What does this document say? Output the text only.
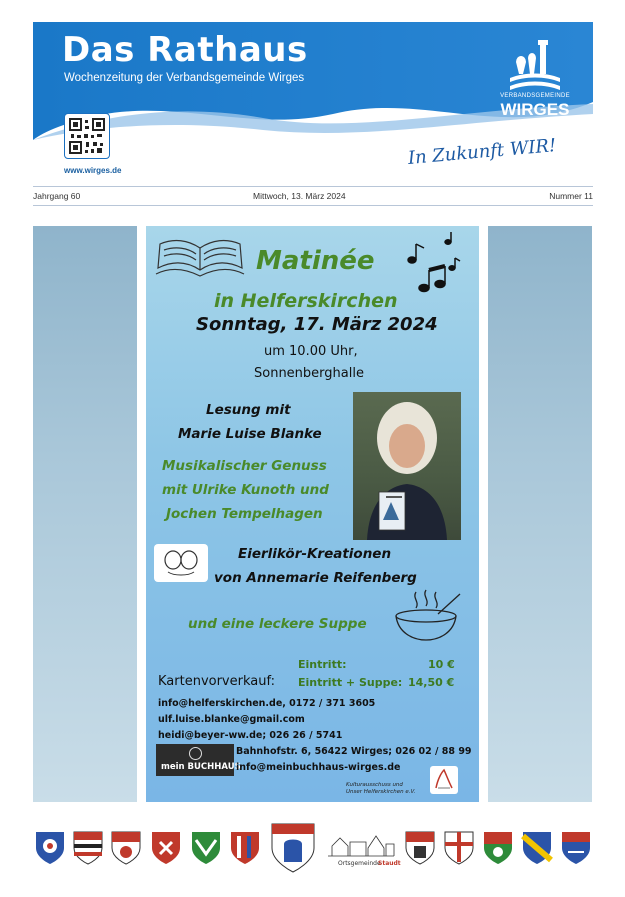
Das Rathaus
Wochenzeitung der Verbandsgemeinde Wirges
www.wirges.de
VERBANDSGEMEINDE
WIRGES
In Zukunft WIR!
Jahrgang 60	Mittwoch, 13. März 2024	Nummer 11
Matinée
in Helferskirchen
Sonntag, 17. März 2024
um 10.00 Uhr,
Sonnenberghalle
Lesung mit
Marie Luise Blanke
Musikalischer Genuss
mit Ulrike Kunoth und
Jochen Tempelhagen
Eierlikör-Kreationen
von Annemarie Reifenberg
und eine leckere Suppe
Eintritt:	10 €
Kartenvorverkauf: Eintritt + Suppe: 14,50 €
info@helferskirchen.de, 0172 / 371 3605
ulf.luise.blanke@gmail.com
heidi@beyer-ww.de; 026 26 / 5741
mein BUCHHAUS
Bahnhofstr. 6, 56422 Wirges; 026 02 / 88 99
info@meinbuchhaus-wirges.de
Kulturausschuss und
Unser Helferskirchen e.V.
Ortsgemeinde
Staudt
